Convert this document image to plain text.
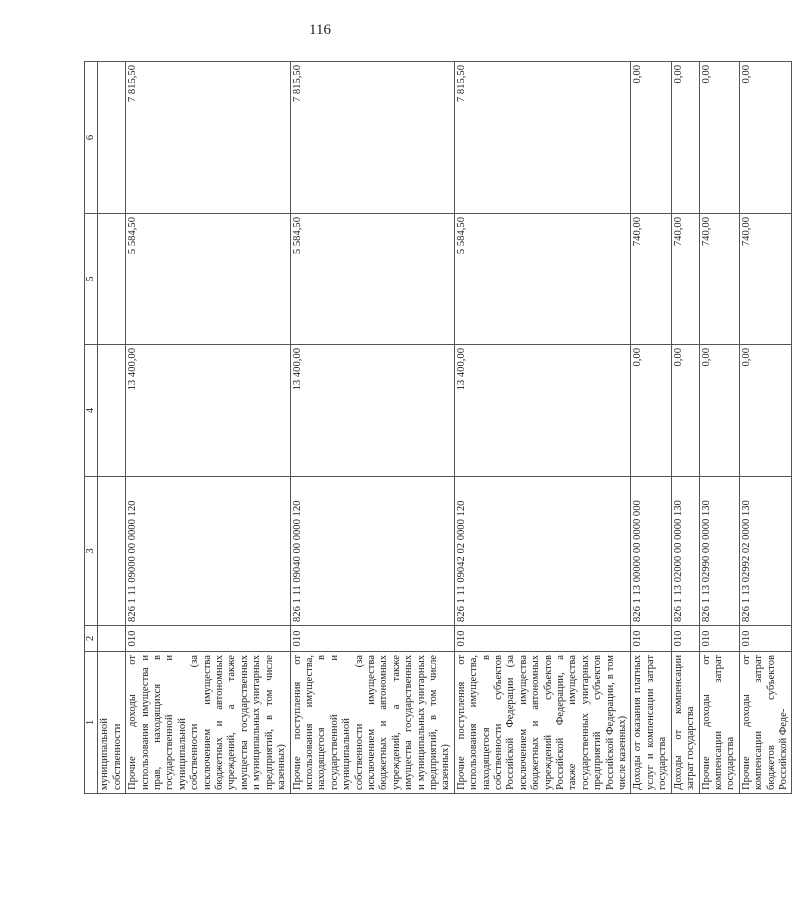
116
1	2	3	4	5	6
муниципальной собственности					
Прочие доходы от использования имущества и прав, находящихся в государственной и муниципальной собственности (за исключением имущества бюджетных и автономных учреждений, а также имущества государственных и муниципальных унитарных предприятий, в том числе казенных)	010	826 1 11 09000 00 0000 120	13 400,00	5 584,50	7 815,50
Прочие поступления от использования имущества, находящегося в государственной и муниципальной собственности (за исключением имущества бюджетных и автономных учреждений, а также имущества государственных и муниципальных унитарных предприятий, в том числе казенных)	010	826 1 11 09040 00 0000 120	13 400,00	5 584,50	7 815,50
Прочие поступления от использования имущества, находящегося в собственности субъектов Российской Федерации (за исключением имущества бюджетных и автономных учреждений субъектов Российской Федерации, а также имущества государственных унитарных предприятий субъектов Российской Федерации, в том числе казенных)	010	826 1 11 09042 02 0000 120	13 400,00	5 584,50	7 815,50
Доходы от оказания платных услуг и компенсации затрат государства	010	826 1 13 00000 00 0000 000	0,00	740,00	0,00
Доходы от компенсации затрат государства	010	826 1 13 02000 00 0000 130	0,00	740,00	0,00
Прочие доходы от компенсации затрат государства	010	826 1 13 02990 00 0000 130	0,00	740,00	0,00
Прочие доходы от компенсации затрат бюджетов субъектов Российской Феде-	010	826 1 13 02992 02 0000 130	0,00	740,00	0,00
